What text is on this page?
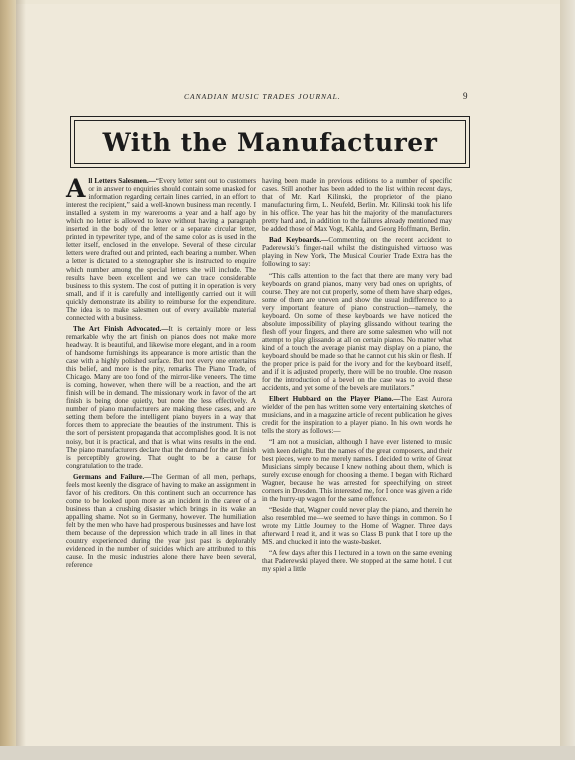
CANADIAN MUSIC TRADES JOURNAL.	9
With the Manufacturer

All Letters Salesmen.—“Every letter sent out to customers or in answer to enquiries should contain some unasked for information regarding certain lines carried, in an effort to interest the recipient,” said a well-known business man recently. I installed a system in my warerooms a year and a half ago by which no letter is allowed to leave without having a paragraph inserted in the body of the letter or a separate circular letter, printed in typewriter type, and of the same color as is used in the letter itself, enclosed in the envelope. Several of these circular letters were drafted out and printed, each bearing a number. When a letter is dictated to a stenographer she is instructed to enquire which number among the special letters she will include. The results have been excellent and we can trace considerable business to this system. The cost of putting it in operation is very small, and if it is carefully and intelligently carried out it will quickly demonstrate its ability to reimburse for the expenditure. The idea is to make salesmen out of every available material connected with a business.

The Art Finish Advocated.—It is certainly more or less remarkable why the art finish on pianos does not make more headway. It is beautiful, and likewise more elegant, and in a room of handsome furnishings its appearance is more artistic than the case with a highly polished surface. But not every one entertains this belief, and more is the pity, remarks The Piano Trade, of Chicago. Many are too fond of the mirror-like veneers. The time is coming, however, when there will be a reaction, and the art finish will be in demand. The missionary work in favor of the art finish is being done quietly, but none the less effectively. A number of piano manufacturers are making these cases, and are setting them before the intelligent piano buyers in a way that forces them to appreciate the beauties of the instrument. This is the sort of persistent propaganda that accomplishes good. It is not noisy, but it is practical, and that is what wins results in the end. The piano manufacturers declare that the demand for the art finish is perceptibly growing. That ought to be a cause for congratulation to the trade.

Germans and Failure.—The German of all men, perhaps, feels most keenly the disgrace of having to make an assignment in favor of his creditors. On this continent such an occurrence has come to be looked upon more as an incident in the career of a business than a crushing disaster which brings in its wake an appalling shame. Not so in Germany, however. The humiliation felt by the men who have had prosperous businesses and have lost them because of the depression which trade in all lines in that country experienced during the year just past is deplorably evidenced in the number of suicides which are attributed to this cause. In the music industries alone there have been several, reference

having been made in previous editions to a number of specific cases. Still another has been added to the list within recent days, that of Mr. Karl Kilinski, the proprietor of the piano manufacturing firm, L. Neufeld, Berlin. Mr. Kilinski took his life in his office. The year has hit the majority of the manufacturers pretty hard and, in addition to the failures already mentioned may be added those of Max Vogt, Kahla, and Georg Hoffmann, Berlin.

Bad Keyboards.—Commenting on the recent accident to Paderewski’s finger-nail whilst the distinguished virtuoso was playing in New York, The Musical Courier Trade Extra has the following to say:

“This calls attention to the fact that there are many very bad keyboards on grand pianos, many very bad ones on uprights, of course. They are not cut properly, some of them have sharp edges, some of them are uneven and show the usual indifference to a very important feature of piano construction—namely, the keyboard. On some of these keyboards we have noticed the absolute impossibility of playing glissando without tearing the flesh off your fingers, and there are some salesmen who will not attempt to play glissando at all on certain pianos. No matter what kind of a touch the average pianist may display on a piano, the keyboard should be made so that he cannot cut his skin or flesh. If the proper price is paid for the ivory and for the keyboard itself, and if it is adjusted properly, there will be no trouble. One reason for the introduction of a bevel on the case was to avoid these accidents, and yet some of the bevels are mutilators.”

Elbert Hubbard on the Player Piano.—The East Aurora wielder of the pen has written some very entertaining sketches of musicians, and in a magazine article of recent publication he gives credit for the inspiration to a player piano. In his own words he tells the story as follows:—

“I am not a musician, although I have ever listened to music with keen delight. But the names of the great composers, and their best pieces, were to me merely names. I decided to write of Great Musicians simply because I knew nothing about them, which is surely excuse enough for choosing a theme. I began with Richard Wagner, because he was arrested for speechifying on street corners in Dresden. This interested me, for I once was given a ride in the hurry-up wagon for the same offence.

“Beside that, Wagner could never play the piano, and therein he also resembled me—we seemed to have things in common. So I wrote my Little Journey to the Home of Wagner. Three days afterward I read it, and it was so Class B punk that I tore up the MS. and chucked it into the waste-basket.

“A few days after this I lectured in a town on the same evening that Paderewski played there. We stopped at the same hotel. I cut my spiel a little
